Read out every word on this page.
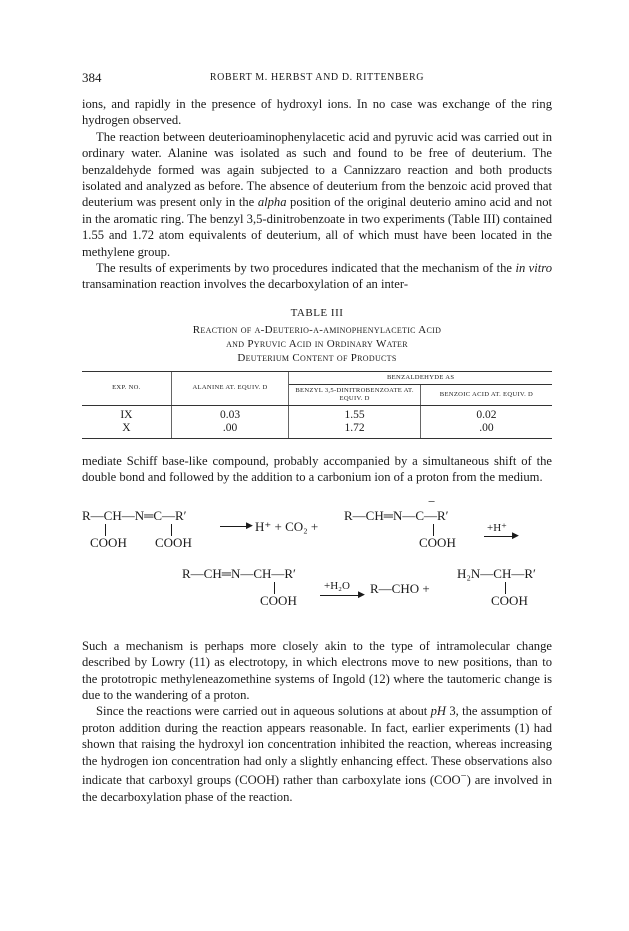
384	ROBERT M. HERBST AND D. RITTENBERG

ions, and rapidly in the presence of hydroxyl ions. In no case was exchange of the ring hydrogen observed.

The reaction between deuterioaminophenylacetic acid and pyruvic acid was carried out in ordinary water. Alanine was isolated as such and found to be free of deuterium. The benzaldehyde formed was again subjected to a Cannizzaro reaction and both products isolated and analyzed as before. The absence of deuterium from the benzoic acid proved that deuterium was present only in the alpha position of the original deuterio amino acid and not in the aromatic ring. The benzyl 3,5-dinitrobenzoate in two experiments (Table III) contained 1.55 and 1.72 atom equivalents of deuterium, all of which must have been located in the methylene group.

The results of experiments by two procedures indicated that the mechanism of the in vitro transamination reaction involves the decarboxylation of an inter-

TABLE III
Reaction of α-Deuterio-α-aminophenylacetic Acid
and Pyruvic Acid in Ordinary Water
Deuterium Content of Products
EXP. NO.	ALANINE AT. EQUIV. D	BENZALDEHYDE AS	
		BENZYL 3,5-DINITROBENZOATE AT. EQUIV. D	BENZOIC ACID AT. EQUIV. D
IX	0.03	1.55	0.02
X	.00	1.72	.00

mediate Schiff base-like compound, probably accompanied by a simultaneous shift of the double bond and followed by the addition to a carbonium ion of a proton from the medium.

R—CH—N═C—R′
COOH COOH
▶ H⁺ + CO₂ +
R—CH═N—C—R′
−
COOH
+H⁺
▶
R—CH═N—CH—R′
COOH
+H₂O
▶ R—CHO +
H₂N—CH—R′
COOH

Such a mechanism is perhaps more closely akin to the type of intramolecular change described by Lowry (11) as electrotopy, in which electrons move to new positions, than to the prototropic methyleneazomethine systems of Ingold (12) where the tautomeric change is due to the wandering of a proton.

Since the reactions were carried out in aqueous solutions at about pH 3, the assumption of proton addition during the reaction appears reasonable. In fact, earlier experiments (1) had shown that raising the hydroxyl ion concentration inhibited the reaction, whereas increasing the hydrogen ion concentration had only a slightly enhancing effect. These observations also indicate that carboxyl groups (COOH) rather than carboxylate ions (COO−) are involved in the decarboxylation phase of the reaction.
